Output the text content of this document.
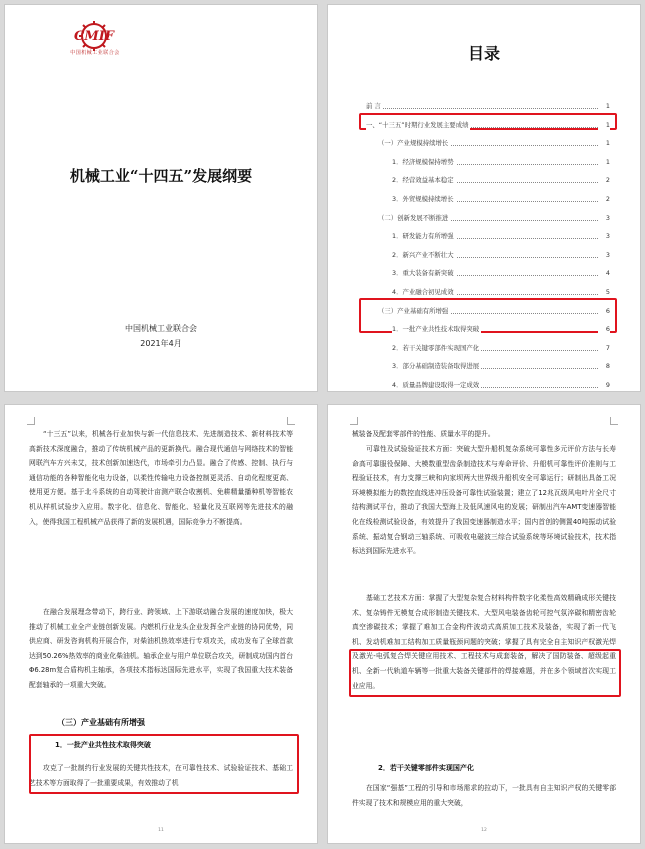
CMIF
中国机械工业联合会
机械工业“十四五”发展纲要
中国机械工业联合会
2021年4月
目录
前 言	1
一、“十三五”时期行业发展主要成绩	1
（一）产业规模持续增长	1
1．经济规模保持增势	1
2．经营效益基本稳定	2
3．外贸规模持续增长	2
（二）创新发展不断推进	3
1．研发能力有所增强	3
2．新兴产业不断壮大	3
3．重大装备有新突破	4
4．产业融合初见成效	5
（三）产业基础有所增强	6
1．一批产业共性技术取得突破	6
2．若干关键零部件实现国产化	7
3．部分基础制造装备取得进展	8
4．质量品牌建设取得一定成效	9
“十三五”以来，机械各行业加快与新一代信息技术、先进制造技术、新材料技术等高新技术深度融合，推动了传统机械产品的更新换代。融合现代通信与网络技术的智能网联汽车方兴未艾，技术创新加速迭代，市场牵引力凸显。融合了传感、控制、执行与通信功能的各种智能化电力设备，以柔性传输电力设备控制更灵活、自动化程度更高、使用更方便。基于北斗系统的自动驾驶计亩测产联合收割机、免耕精量播种机等智能农机从样机试验步入应用。数字化、信息化、智能化、轻量化及互联网等先进技术的融入，使得我国工程机械产品获得了新的发展机遇，国际竞争力不断提高。
在融合发展理念带动下，跨行业、跨领域、上下游联动融合发展的速度加快，极大推动了机械工业全产业链创新发展。内燃机行业龙头企业发挥全产业链的协同优势，同供应商、研发咨询机构开展合作，对柴油机热效率进行专项攻关，成功发布了全球首款达到50.26%热效率的商业化柴油机。轴承企业与用户单位联合攻关，研制成功国内首台Φ6.28m复合盾构机主轴承，各项技术指标达国际先进水平，实现了我国重大技术装备配套轴承的一项重大突破。
（三）产业基础有所增强
1．一批产业共性技术取得突破
攻克了一批制约行业发展的关键共性技术，在可靠性技术、试验验证技术、基础工艺技术等方面取得了一批重要成果，有效推动了机
11
械装备及配套零部件的性能、质量水平的提升。
可靠性及试验验证技术方面：突破大型升船机复杂系统可靠性多元评价方法与长寿命高可靠服役保障、大模数重型齿条制造技术与寿命评价、升船机可靠性评价准则与工程验证技术，有力支撑三峡和向家坝两大世界级升船机安全可靠运行；研制出具备工况环境模拟能力的数控直线进冲压设备可靠性试验装置；建立了12兆瓦级风电叶片全尺寸结构测试平台，推动了我国大型海上及低风速风电的发展；研制出汽车AMT变速器智能化在线检测试验设备，有效提升了我国变速器制造水平；国内首创的侧置40吨振动试验系统、振动复合钢动三轴系统、可吸收电磁波三综合试验系统等环境试验技术，技术指标达到国际先进水平。
基础工艺技术方面：掌握了大型复杂复合材料构件数字化柔性高效精确成形关键技术、复杂铸件无模复合成形制造关键技术、大型风电装备齿轮可控气氛淬碳和精密齿轮真空渗碳技术；掌握了难加工合金构件波动式高质加工技术及装备，实现了新一代飞机、发动机难加工结构加工质量瓶颈问题的突破；掌握了具有完全自主知识产权激光焊及激光-电弧复合焊关键应用技术、工程技术与成套装备，解决了国防装备、超级起重机、全新一代轨道车辆等一批重大装备关键部件的焊接难题，并在多个领域首次实现工业应用。
2．若干关键零部件实现国产化
在国家“强基”工程的引导和市场需求的拉动下，一批具有自主知识产权的关键零部件实现了技术和规模应用的重大突破，
12
